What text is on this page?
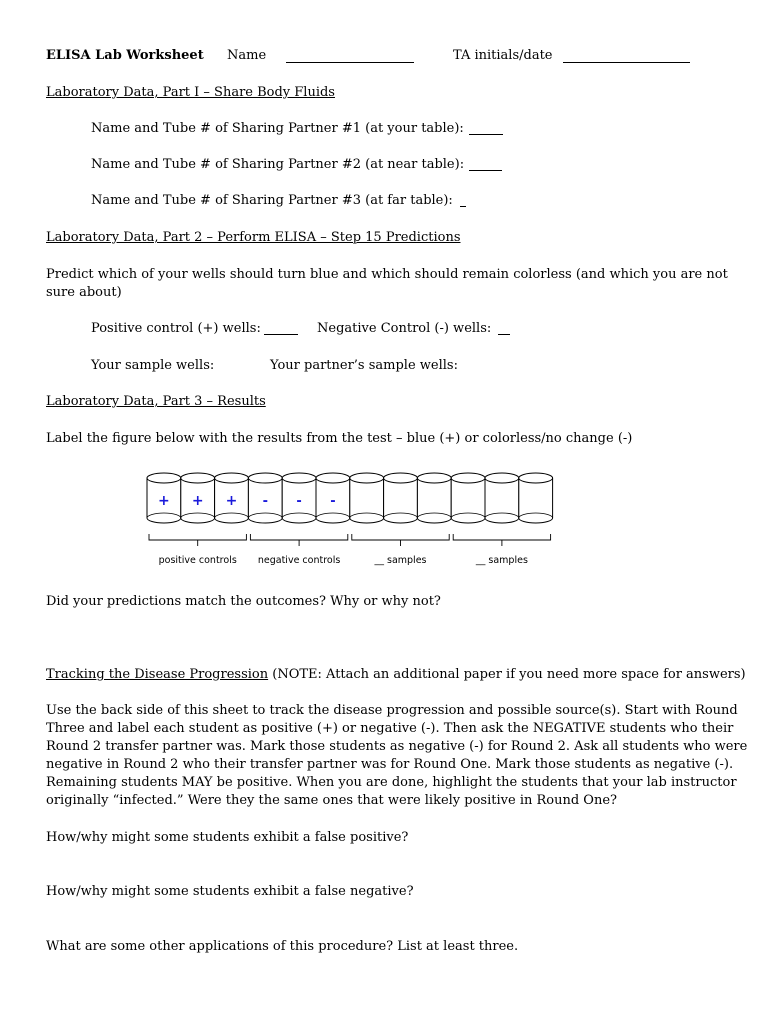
ELISA Lab Worksheet Name	TA initials/date
Laboratory Data, Part I – Share Body Fluids
Name and Tube # of Sharing Partner #1 (at your table):
Name and Tube # of Sharing Partner #2 (at near table):
Name and Tube # of Sharing Partner #3 (at far table):
Laboratory Data, Part 2 – Perform ELISA – Step 15 Predictions
Predict which of your wells should turn blue and which should remain colorless (and which you are not
sure about)
Positive control (+) wells:	Negative Control (-) wells:
Your sample wells:	Your partner’s sample wells:
Laboratory Data, Part 3 – Results
Label the figure below with the results from the test – blue (+) or colorless/no change (-)
+ + + - - -
positive controls negative controls	__ samples	__ samples
Did your predictions match the outcomes? Why or why not?
Tracking the Disease Progression (NOTE: Attach an additional paper if you need more space for answers)
Use the back side of this sheet to track the disease progression and possible source(s). Start with Round
Three and label each student as positive (+) or negative (-). Then ask the NEGATIVE students who their
Round 2 transfer partner was. Mark those students as negative (-) for Round 2. Ask all students who were
negative in Round 2 who their transfer partner was for Round One. Mark those students as negative (-).
Remaining students MAY be positive. When you are done, highlight the students that your lab instructor
originally “infected.” Were they the same ones that were likely positive in Round One?
How/why might some students exhibit a false positive?
How/why might some students exhibit a false negative?
What are some other applications of this procedure? List at least three.
